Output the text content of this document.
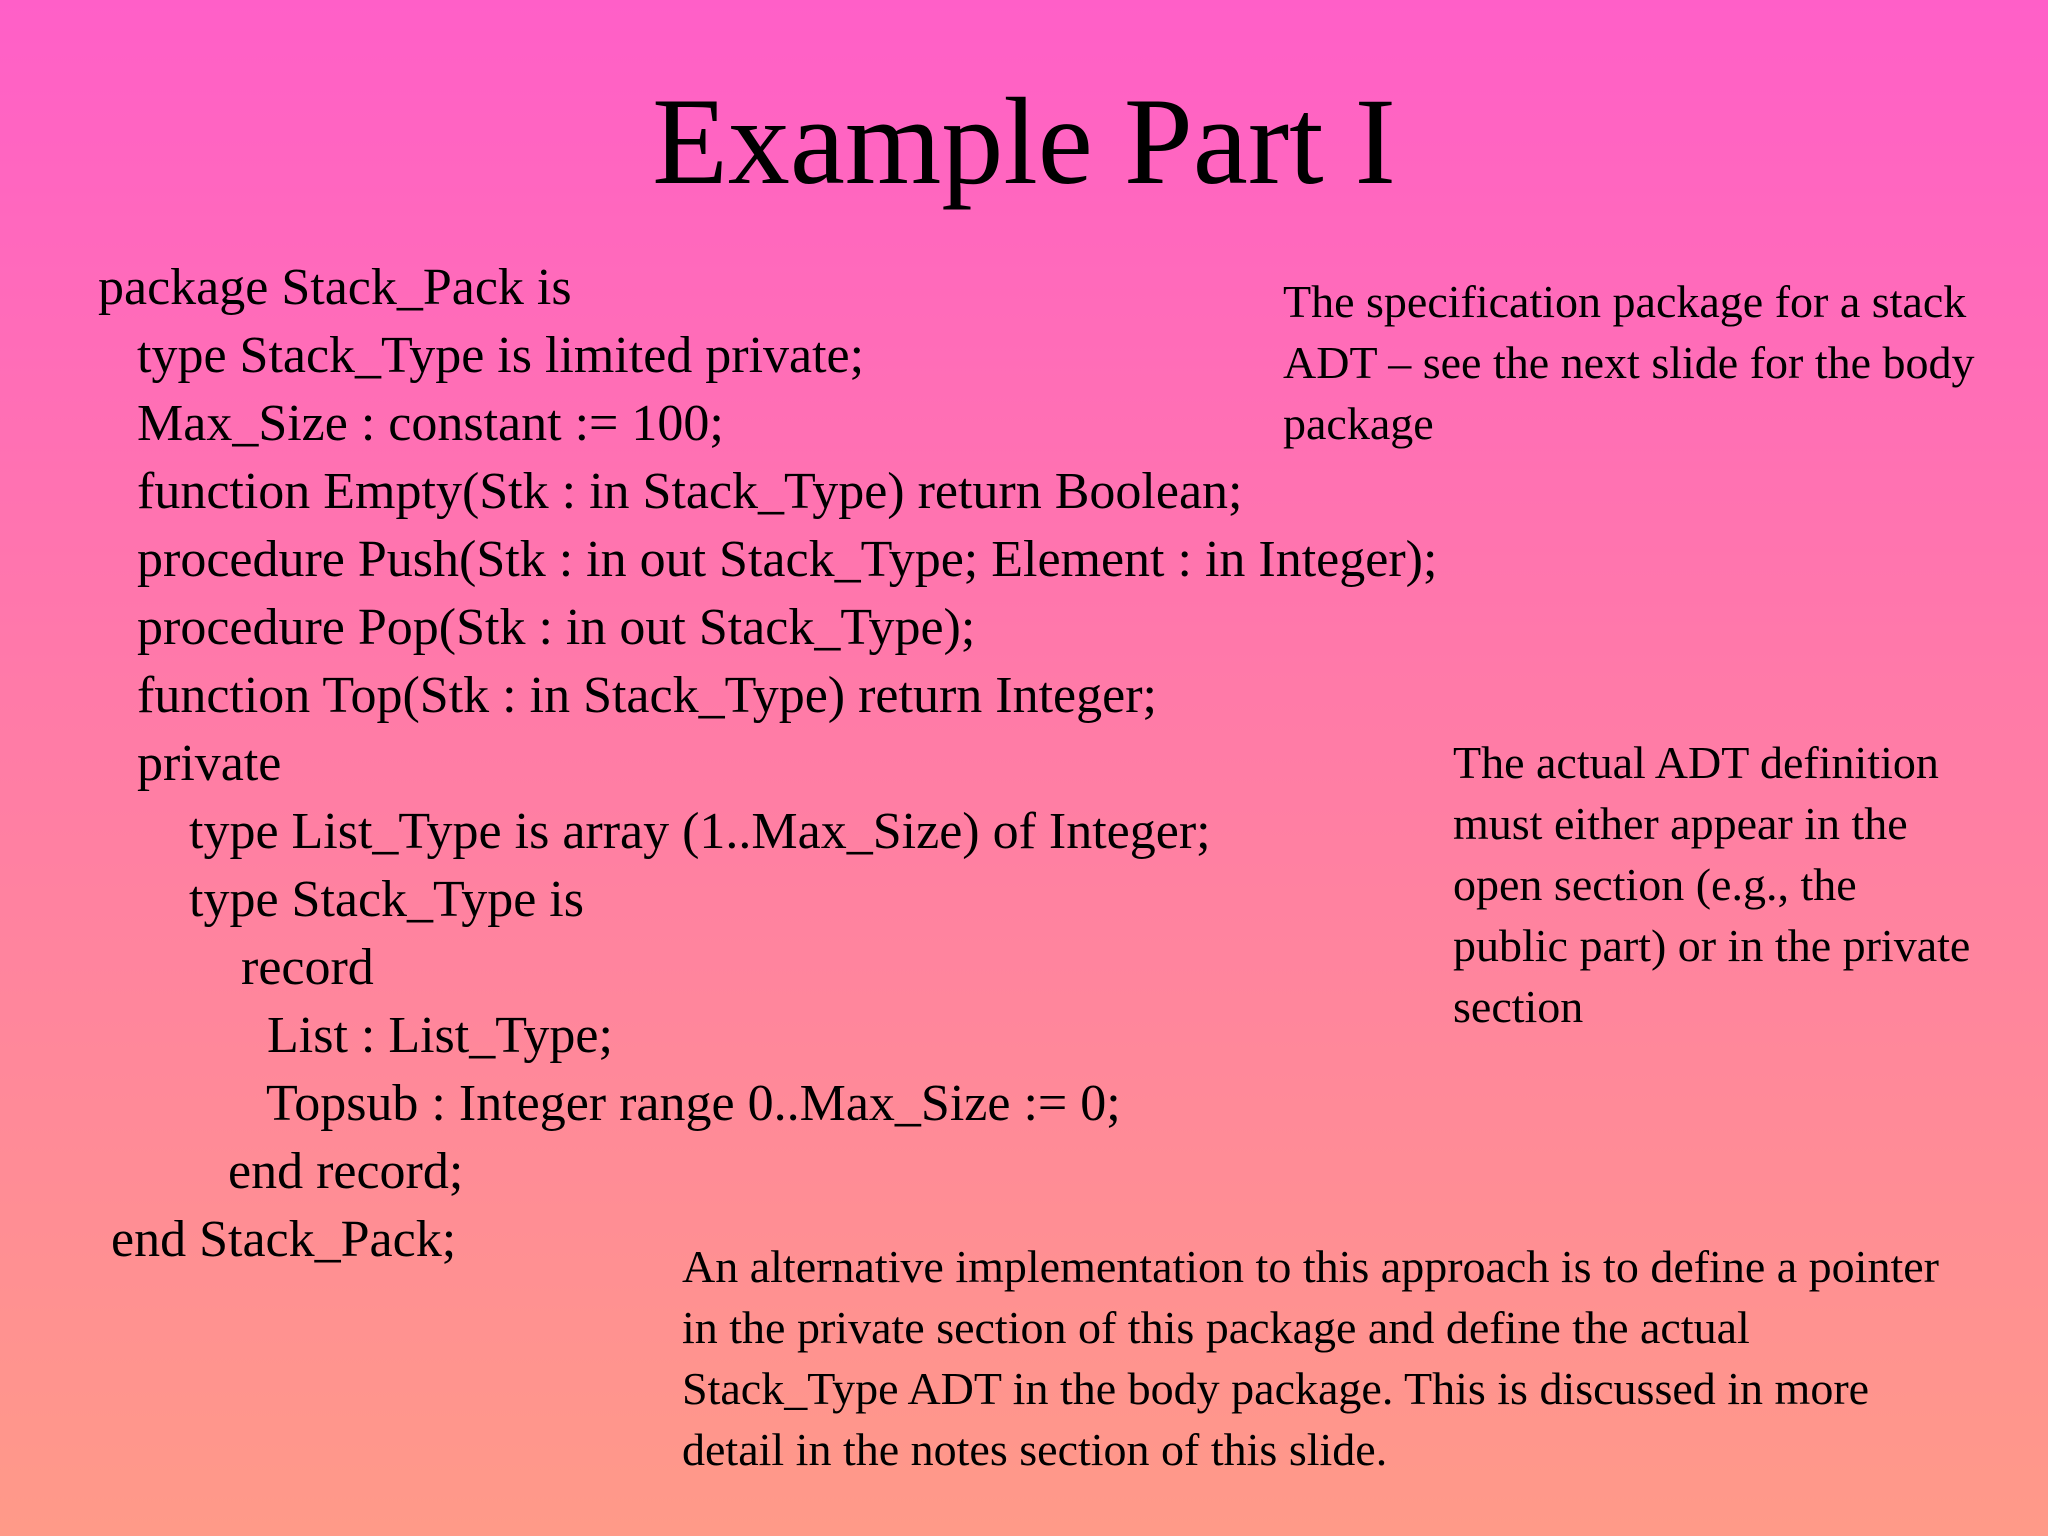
Example Part I
package Stack_Pack is
type Stack_Type is limited private;
Max_Size : constant := 100;
function Empty(Stk : in Stack_Type) return Boolean;
procedure Push(Stk : in out Stack_Type; Element : in Integer);
procedure Pop(Stk : in out Stack_Type);
function Top(Stk : in Stack_Type) return Integer;
private
type List_Type is array (1..Max_Size) of Integer;
type Stack_Type is
record
List : List_Type;
Topsub : Integer range 0..Max_Size := 0;
end record;
end Stack_Pack;

The specification package for a stack ADT – see the next slide for the body package

The actual ADT definition must either appear in the open section (e.g., the public part) or in the private section

An alternative implementation to this approach is to define a pointer in the private section of this package and define the actual Stack_Type ADT in the body package. This is discussed in more detail in the notes section of this slide.
